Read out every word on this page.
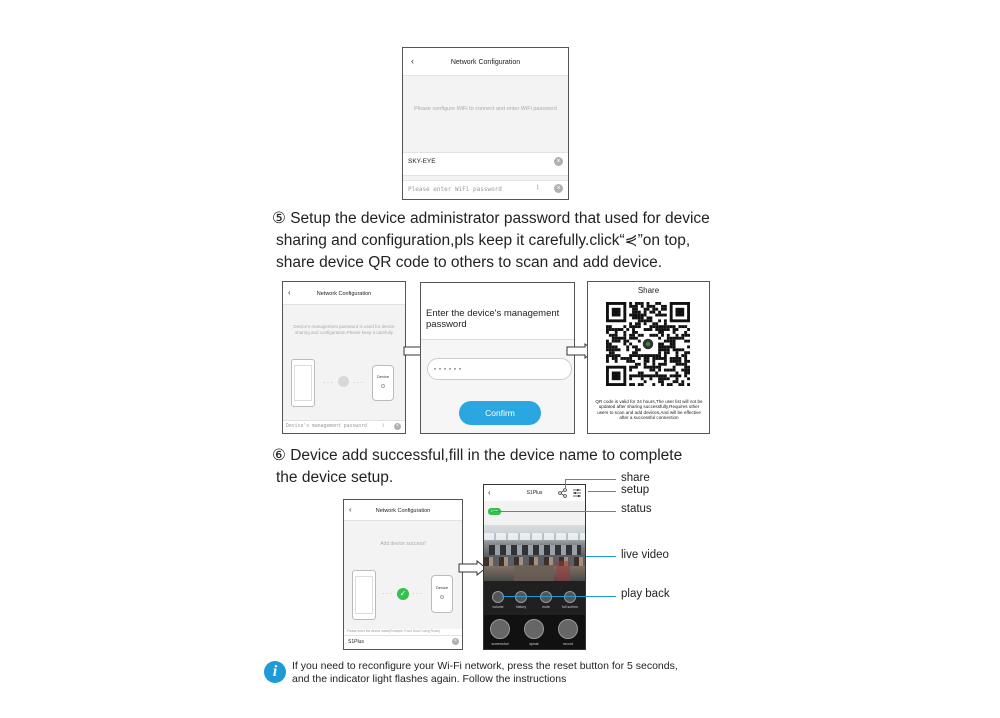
‹	Network Configuration
Please configure WiFi to connect and enter WiFi password
SKY-EYE	×
Please enter WiFi password	⌇	×
⑤ Setup the device administrator password that used for device
sharing and configuration,pls keep it carefully.click“⋞”on top,
share device QR code to others to scan and add device.
‹	Network Configuration
Device's management password is used for device sharing and configuration,Please keep it carefully
··· ···
Device
Device's management password	⌇	×
Enter the device's management password
······
Confirm
Share
QR code is valid for 24 hours,The user list will not be updated after sharing successfully,Requires other users to scan and add devices,And will be effective after a successful connection
⑥ Device add successful,fill in the device name to complete
the device setup.
‹	Network Configuration
Add device success!
··· ✓ ···
Device
Please enter the device name(Example: Front Door/ Living Room)
S1Plus	×
‹	S1Plus
volume	history	mute	full screen
screenshot	speak	record
share
setup
status
live video
play back
i	If you need to reconfigure your Wi-Fi network, press the reset button for 5 seconds,
and the indicator light flashes again. Follow the instructions
